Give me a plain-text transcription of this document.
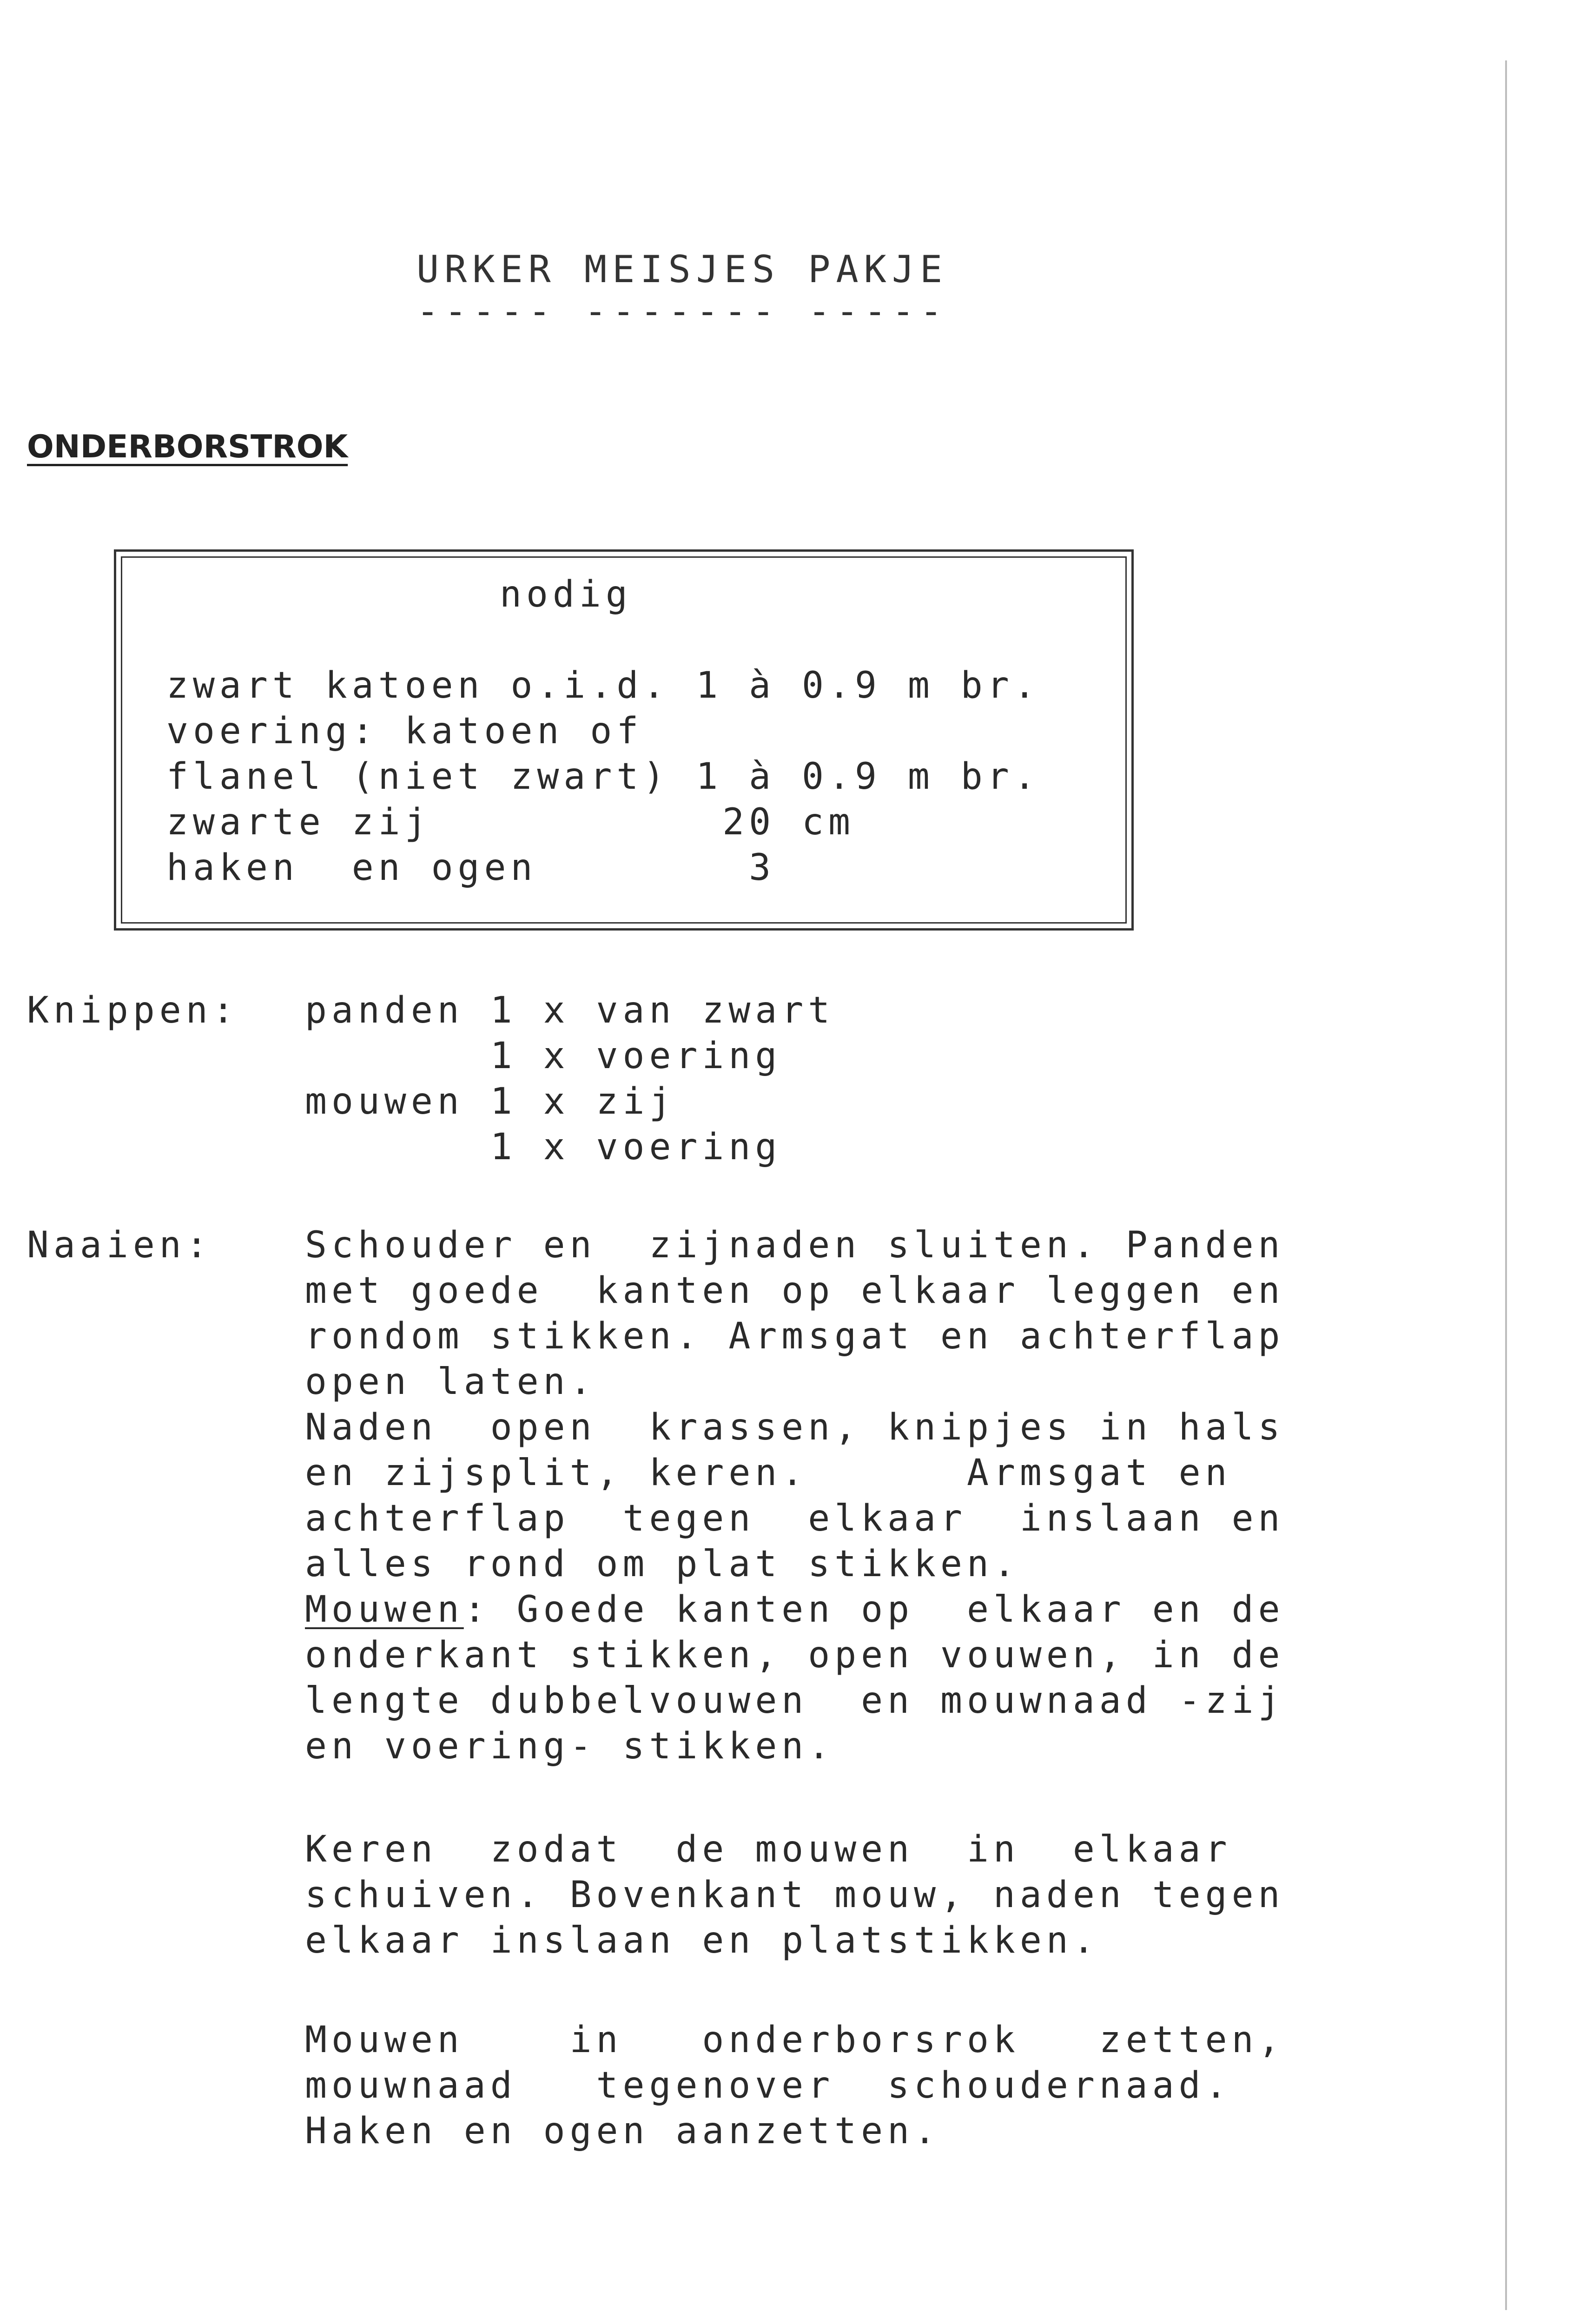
URKER MEISJES PAKJE
----- ------- -----
ONDERBORSTROK
nodig
zwart katoen o.i.d. 1 à 0.9 m br.
voering: katoen of
flanel (niet zwart) 1 à 0.9 m br.
zwarte zij           20 cm
haken  en ogen        3
Knippen: panden 1 x van zwart
1 x voering
mouwen 1 x zij
1 x voering
Naaien:	Schouder en  zijnaden sluiten. Panden
met goede  kanten op elkaar leggen en
rondom stikken. Armsgat en achterflap
open laten.
Naden  open  krassen, knipjes in hals
en zijsplit, keren.      Armsgat en
achterflap  tegen  elkaar  inslaan en
alles rond om plat stikken.
Mouwen: Goede kanten op  elkaar en de
onderkant stikken, open vouwen, in de
lengte dubbelvouwen  en mouwnaad -zij
en voering- stikken.
Keren  zodat  de mouwen  in  elkaar
schuiven. Bovenkant mouw, naden tegen
elkaar inslaan en platstikken.
Mouwen    in   onderborsrok   zetten,
mouwnaad   tegenover  schoudernaad.
Haken en ogen aanzetten.
